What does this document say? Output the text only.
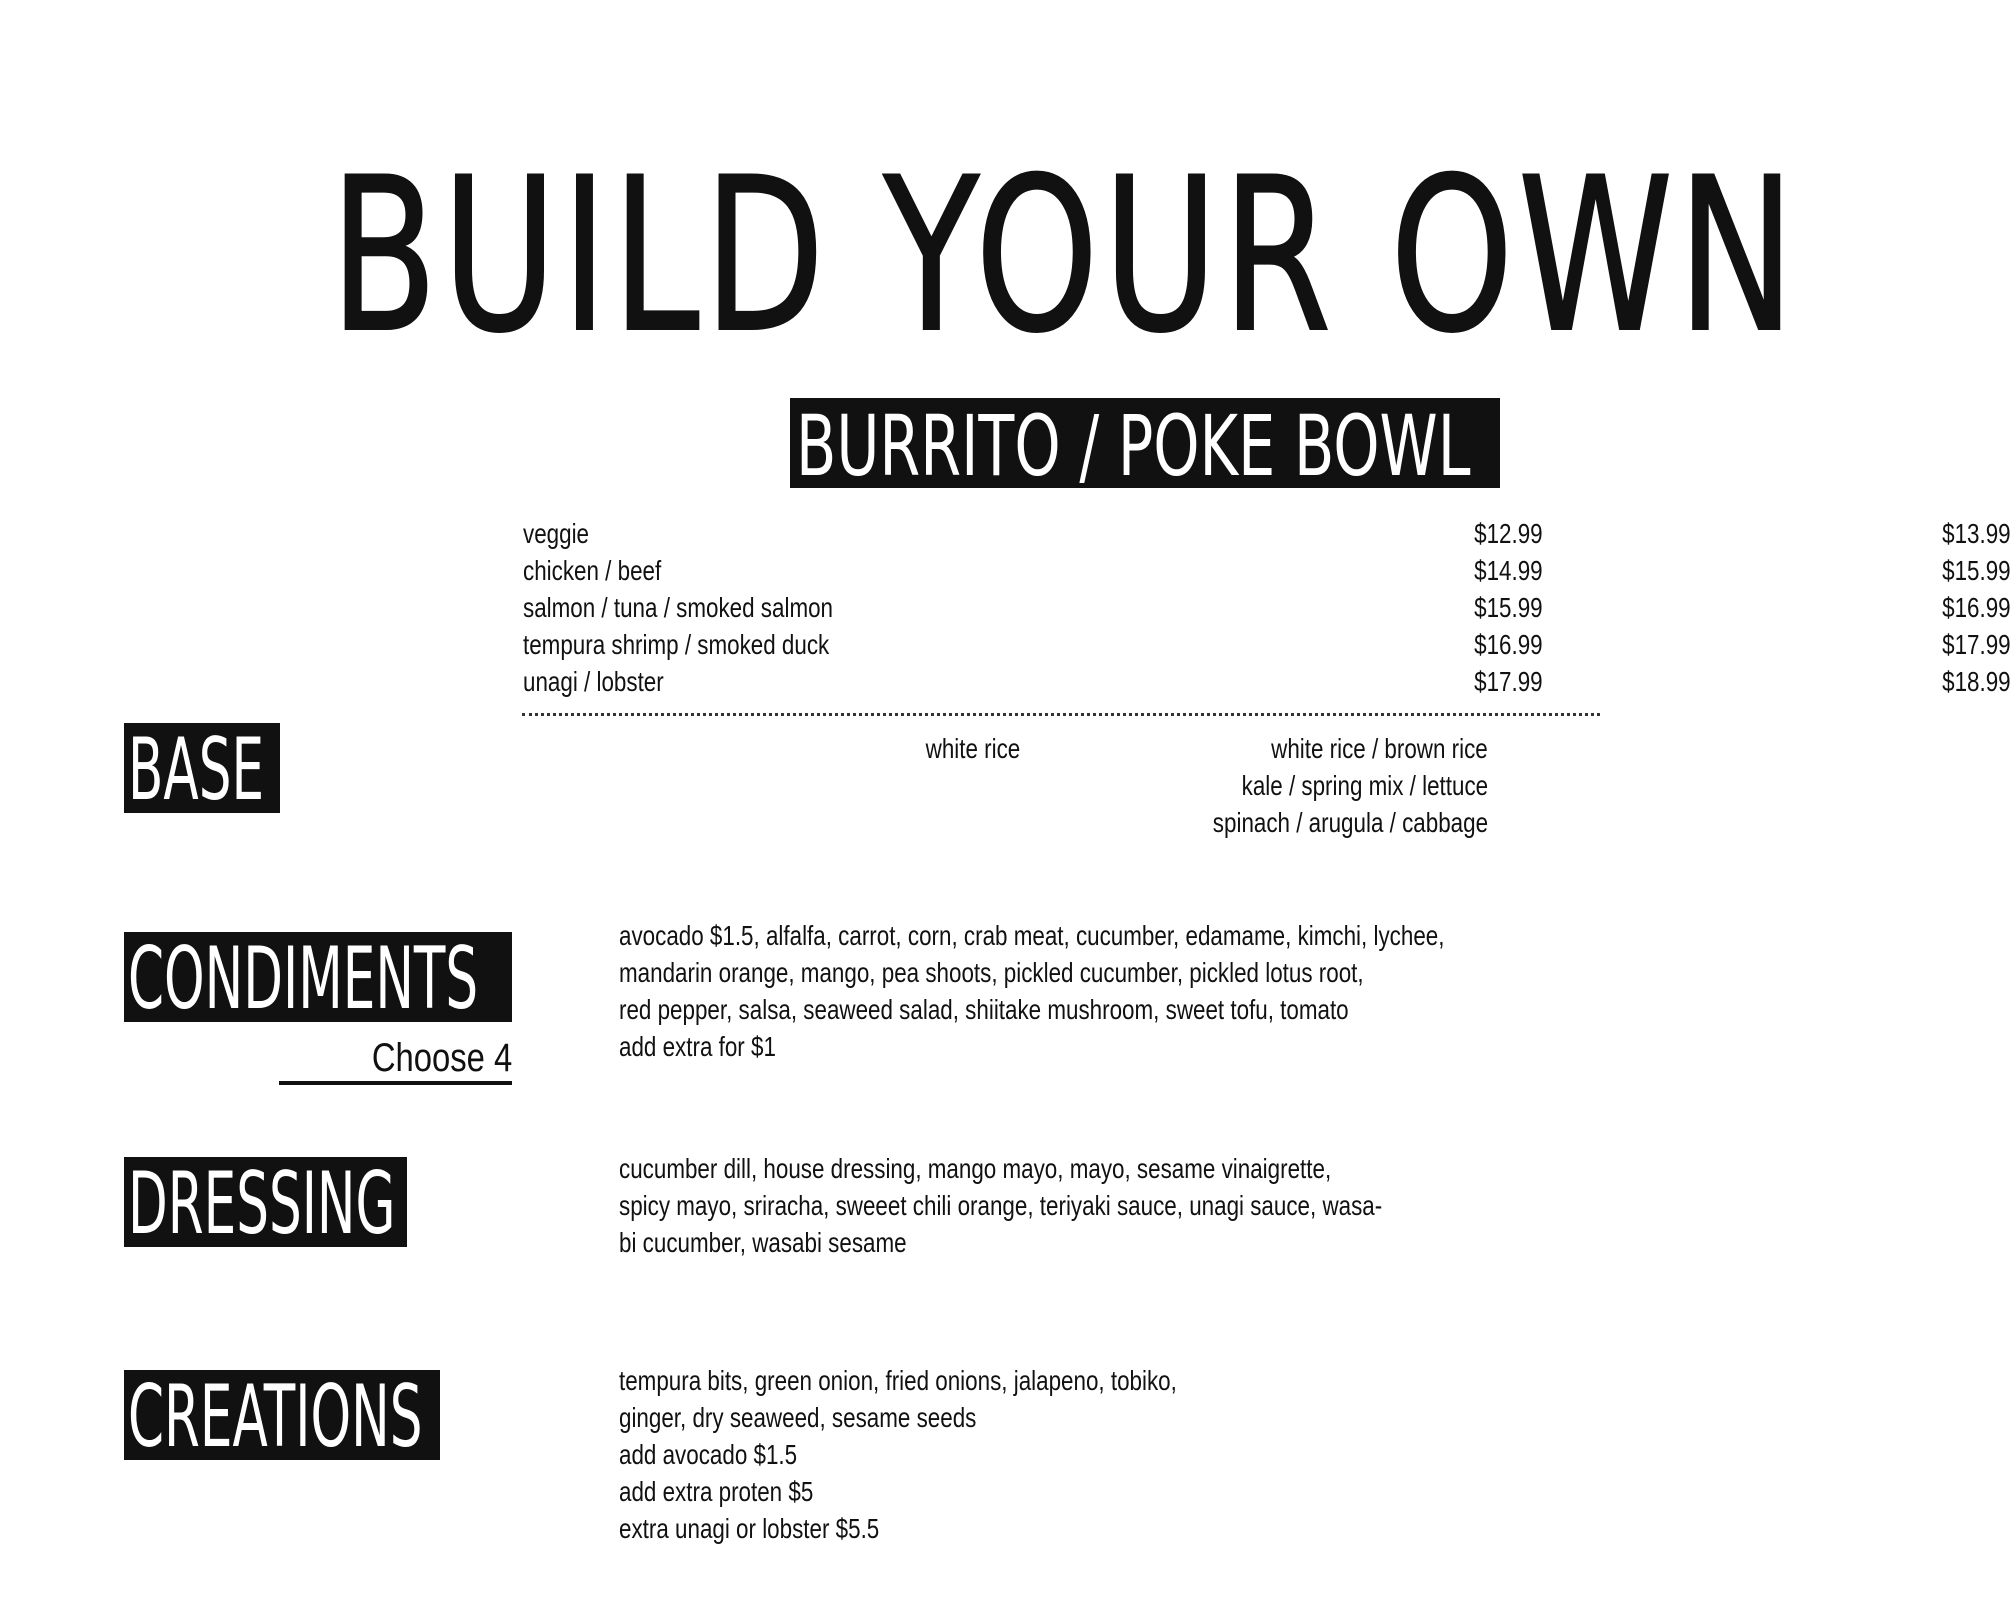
BUILD YOUR OWN
BURRITO / POKE BOWL
veggie	$12.99	$13.99
chicken / beef	$14.99	$15.99
salmon / tuna / smoked salmon	$15.99	$16.99
tempura shrimp / smoked duck	$16.99	$17.99
unagi / lobster	$17.99	$18.99
BASE	white rice	white rice / brown rice
kale / spring mix / lettuce
spinach / arugula / cabbage
CONDIMENTS
Choose 4
avocado $1.5, alfalfa, carrot, corn, crab meat, cucumber, edamame, kimchi, lychee,
mandarin orange, mango, pea shoots, pickled cucumber, pickled lotus root,
red pepper, salsa, seaweed salad, shiitake mushroom, sweet tofu, tomato
add extra for $1
DRESSING	cucumber dill, house dressing, mango mayo, mayo, sesame vinaigrette,
spicy mayo, sriracha, sweeet chili orange, teriyaki sauce, unagi sauce, wasa-
bi cucumber, wasabi sesame
CREATIONS	tempura bits, green onion, fried onions, jalapeno, tobiko,
ginger, dry seaweed, sesame seeds
add avocado $1.5
add extra proten $5
extra unagi or lobster $5.5
